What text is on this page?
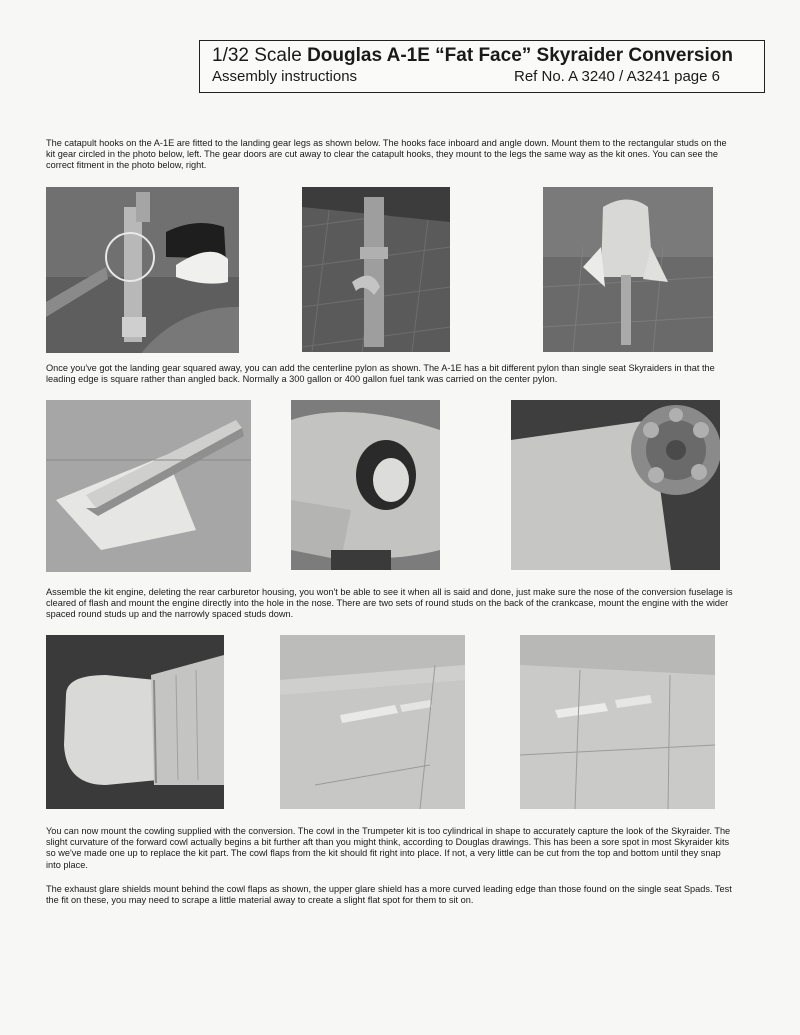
1/32 Scale Douglas A-1E “Fat Face” Skyraider Conversion
Assembly instructions	Ref No. A 3240 / A3241 page 6

The catapult hooks on the A-1E are fitted to the landing gear legs as shown below. The hooks face inboard and angle down. Mount them to the rectangular studs on the kit gear circled in the photo below, left. The gear doors are cut away to clear the catapult hooks, they mount to the legs the same way as the kit ones. You can see the correct fitment in the photo below, right.

Once you've got the landing gear squared away, you can add the centerline pylon as shown. The A-1E has a bit different pylon than single seat Skyraiders in that the leading edge is square rather than angled back. Normally a 300 gallon or 400 gallon fuel tank was carried on the center pylon.

Assemble the kit engine, deleting the rear carburetor housing, you won't be able to see it when all is said and done, just make sure the nose of the conversion fuselage is cleared of flash and mount the engine directly into the hole in the nose. There are two sets of round studs on the back of the crankcase, mount the engine with the wider spaced round studs up and the narrowly spaced studs down.

You can now mount the cowling supplied with the conversion. The cowl in the Trumpeter kit is too cylindrical in shape to accurately capture the look of the Skyraider. The slight curvature of the forward cowl actually begins a bit further aft than you might think, according to Douglas drawings. This has been a sore spot in most Skyraider kits so we've made one up to replace the kit part. The cowl flaps from the kit should fit right into place. If not, a very little can be cut from the top and bottom until they snap into place.

The exhaust glare shields mount behind the cowl flaps as shown, the upper glare shield has a more curved leading edge than those found on the single seat Spads. Test the fit on these, you may need to scrape a little material away to create a slight flat spot for them to sit on.
